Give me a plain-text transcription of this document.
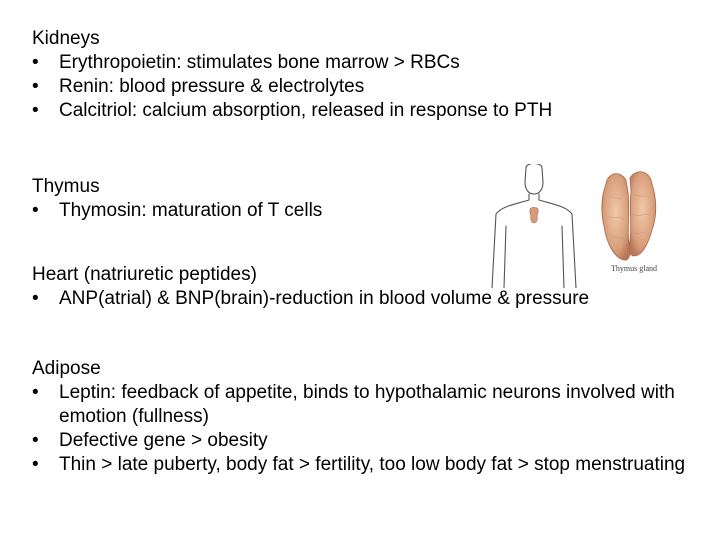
Kidneys
• Erythropoietin: stimulates bone marrow > RBCs
• Renin: blood pressure & electrolytes
• Calcitriol: calcium absorption, released in response to PTH
Thymus
• Thymosin: maturation of T cells
Heart (natriuretic peptides)
• ANP(atrial) & BNP(brain)-reduction in blood volume & pressure
Adipose
• Leptin: feedback of appetite, binds to hypothalamic neurons involved with emotion (fullness)
• Defective gene > obesity
• Thin > late puberty, body fat > fertility, too low body fat > stop menstruating
Thymus gland
